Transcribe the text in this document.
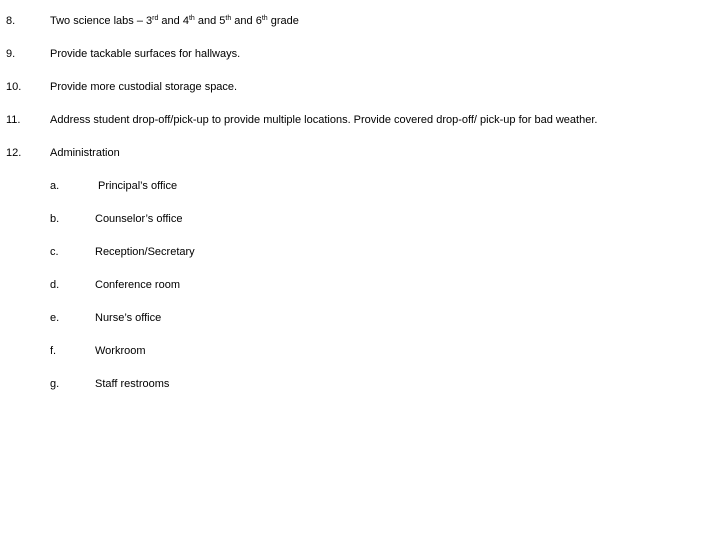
8.	Two science labs – 3rd and 4th and 5th and 6th grade
9.	Provide tackable surfaces for hallways.
10.	Provide more custodial storage space.
11.	Address student drop-off/pick-up to provide multiple locations. Provide covered drop-off/ pick-up for bad weather.
12.	Administration
a.	Principal’s office
b.	Counselor’s office
c.	Reception/Secretary
d.	Conference room
e.	Nurse’s office
f.	Workroom
g.	Staff restrooms
